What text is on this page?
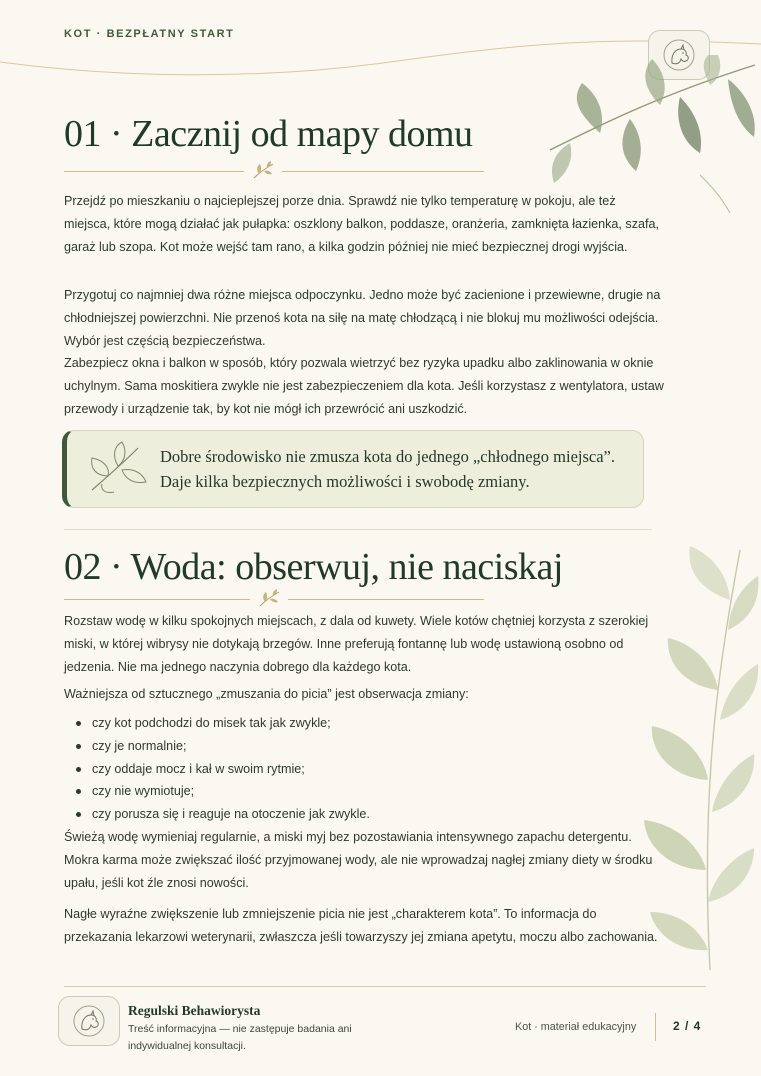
KOT · BEZPŁATNY START
01 · Zacznij od mapy domu

Przejdź po mieszkaniu o najcieplejszej porze dnia. Sprawdź nie tylko temperaturę w pokoju, ale też miejsca, które mogą działać jak pułapka: oszklony balkon, poddasze, oranżeria, zamknięta łazienka, szafa, garaż lub szopa. Kot może wejść tam rano, a kilka godzin później nie mieć bezpiecznej drogi wyjścia.

Przygotuj co najmniej dwa różne miejsca odpoczynku. Jedno może być zacienione i przewiewne, drugie na chłodniejszej powierzchni. Nie przenoś kota na siłę na matę chłodzącą i nie blokuj mu możliwości odejścia. Wybór jest częścią bezpieczeństwa.

Zabezpiecz okna i balkon w sposób, który pozwala wietrzyć bez ryzyka upadku albo zaklinowania w oknie uchylnym. Sama moskitiera zwykle nie jest zabezpieczeniem dla kota. Jeśli korzystasz z wentylatora, ustaw przewody i urządzenie tak, by kot nie mógł ich przewrócić ani uszkodzić.

Dobre środowisko nie zmusza kota do jednego „chłodnego miejsca”. Daje kilka bezpiecznych możliwości i swobodę zmiany.

02 · Woda: obserwuj, nie naciskaj

Rozstaw wodę w kilku spokojnych miejscach, z dala od kuwety. Wiele kotów chętniej korzysta z szerokiej miski, w której wibrysy nie dotykają brzegów. Inne preferują fontannę lub wodę ustawioną osobno od jedzenia. Nie ma jednego naczynia dobrego dla każdego kota.

Ważniejsza od sztucznego „zmuszania do picia” jest obserwacja zmiany:

czy kot podchodzi do misek tak jak zwykle;
czy je normalnie;
czy oddaje mocz i kał w swoim rytmie;
czy nie wymiotuje;
czy porusza się i reaguje na otoczenie jak zwykle.

Świeżą wodę wymieniaj regularnie, a miski myj bez pozostawiania intensywnego zapachu detergentu. Mokra karma może zwiększać ilość przyjmowanej wody, ale nie wprowadzaj nagłej zmiany diety w środku upału, jeśli kot źle znosi nowości.

Nagłe wyraźne zwiększenie lub zmniejszenie picia nie jest „charakterem kota”. To informacja do przekazania lekarzowi weterynarii, zwłaszcza jeśli towarzyszy jej zmiana apetytu, moczu albo zachowania.

Regulski Behawiorysta
Treść informacyjna — nie zastępuje badania ani indywidualnej konsultacji.
Kot · materiał edukacyjny	2 / 4
